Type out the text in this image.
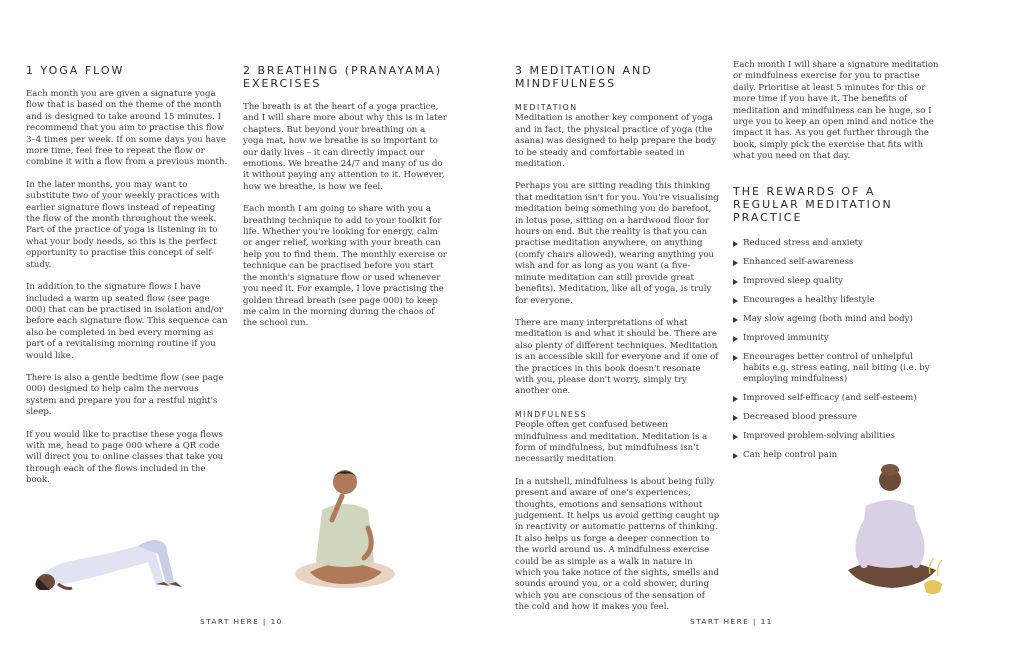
1 YOGA FLOW

Each month you are given a signature yoga flow that is based on the theme of the month and is designed to take around 15 minutes. I recommend that you aim to practise this flow 3–4 times per week. If on some days you have more time, feel free to repeat the flow or combine it with a flow from a previous month.

In the later months, you may want to substitute two of your weekly practices with earlier signature flows instead of repeating the flow of the month throughout the week. Part of the practice of yoga is listening in to what your body needs, so this is the perfect opportunity to practise this concept of self-study.

In addition to the signature flows I have included a warm up seated flow (see page 000) that can be practised in isolation and/or before each signature flow. This sequence can also be completed in bed every morning as part of a revitalising morning routine if you would like.

There is also a gentle bedtime flow (see page 000) designed to help calm the nervous system and prepare you for a restful night's sleep.

If you would like to practise these yoga flows with me, head to page 000 where a QR code will direct you to online classes that take you through each of the flows included in the book.

2 BREATHING (PRANAYAMA) EXERCISES

The breath is at the heart of a yoga practice, and I will share more about why this is in later chapters. But beyond your breathing on a yoga mat, how we breathe is so important to our daily lives – it can directly impact our emotions. We breathe 24/7 and many of us do it without paying any attention to it. However, how we breathe, is how we feel.

Each month I am going to share with you a breathing technique to add to your toolkit for life. Whether you're looking for energy, calm or anger relief, working with your breath can help you to find them. The monthly exercise or technique can be practised before you start the month's signature flow or used whenever you need it. For example, I love practising the golden thread breath (see page 000) to keep me calm in the morning during the chaos of the school run.

3 MEDITATION AND MINDFULNESS
MEDITATION

Meditation is another key component of yoga and in fact, the physical practice of yoga (the asana) was designed to help prepare the body to be steady and comfortable seated in meditation.

Perhaps you are sitting reading this thinking that meditation isn't for you. You're visualising meditation being something you do barefoot, in lotus pose, sitting on a hardwood floor for hours on end. But the reality is that you can practise meditation anywhere, on anything (comfy chairs allowed), wearing anything you wish and for as long as you want (a five-minute meditation can still provide great benefits). Meditation, like all of yoga, is truly for everyone.

There are many interpretations of what meditation is and what it should be. There are also plenty of different techniques. Meditation is an accessible skill for everyone and if one of the practices in this book doesn't resonate with you, please don't worry, simply try another one.

MINDFULNESS

People often get confused between mindfulness and meditation. Meditation is a form of mindfulness, but mindfulness isn't necessarily meditation.

In a nutshell, mindfulness is about being fully present and aware of one's experiences, thoughts, emotions and sensations without judgement. It helps us avoid getting caught up in reactivity or automatic patterns of thinking. It also helps us forge a deeper connection to the world around us. A mindfulness exercise could be as simple as a walk in nature in which you take notice of the sights, smells and sounds around you, or a cold shower, during which you are conscious of the sensation of the cold and how it makes you feel.

Each month I will share a signature meditation or mindfulness exercise for you to practise daily. Prioritise at least 5 minutes for this or more time if you have it. The benefits of meditation and mindfulness can be huge, so I urge you to keep an open mind and notice the impact it has. As you get further through the book, simply pick the exercise that fits with what you need on that day.

THE REWARDS OF A REGULAR MEDITATION PRACTICE
Reduced stress and anxiety
Enhanced self-awareness
Improved sleep quality
Encourages a healthy lifestyle
May slow ageing (both mind and body)
Improved immunity
Encourages better control of unhelpful habits e.g. stress eating, nail biting (i.e. by employing mindfulness)
Improved self-efficacy (and self-esteem)
Decreased blood pressure
Improved problem-solving abilities
Can help control pain
START HERE | 10	START HERE | 11
